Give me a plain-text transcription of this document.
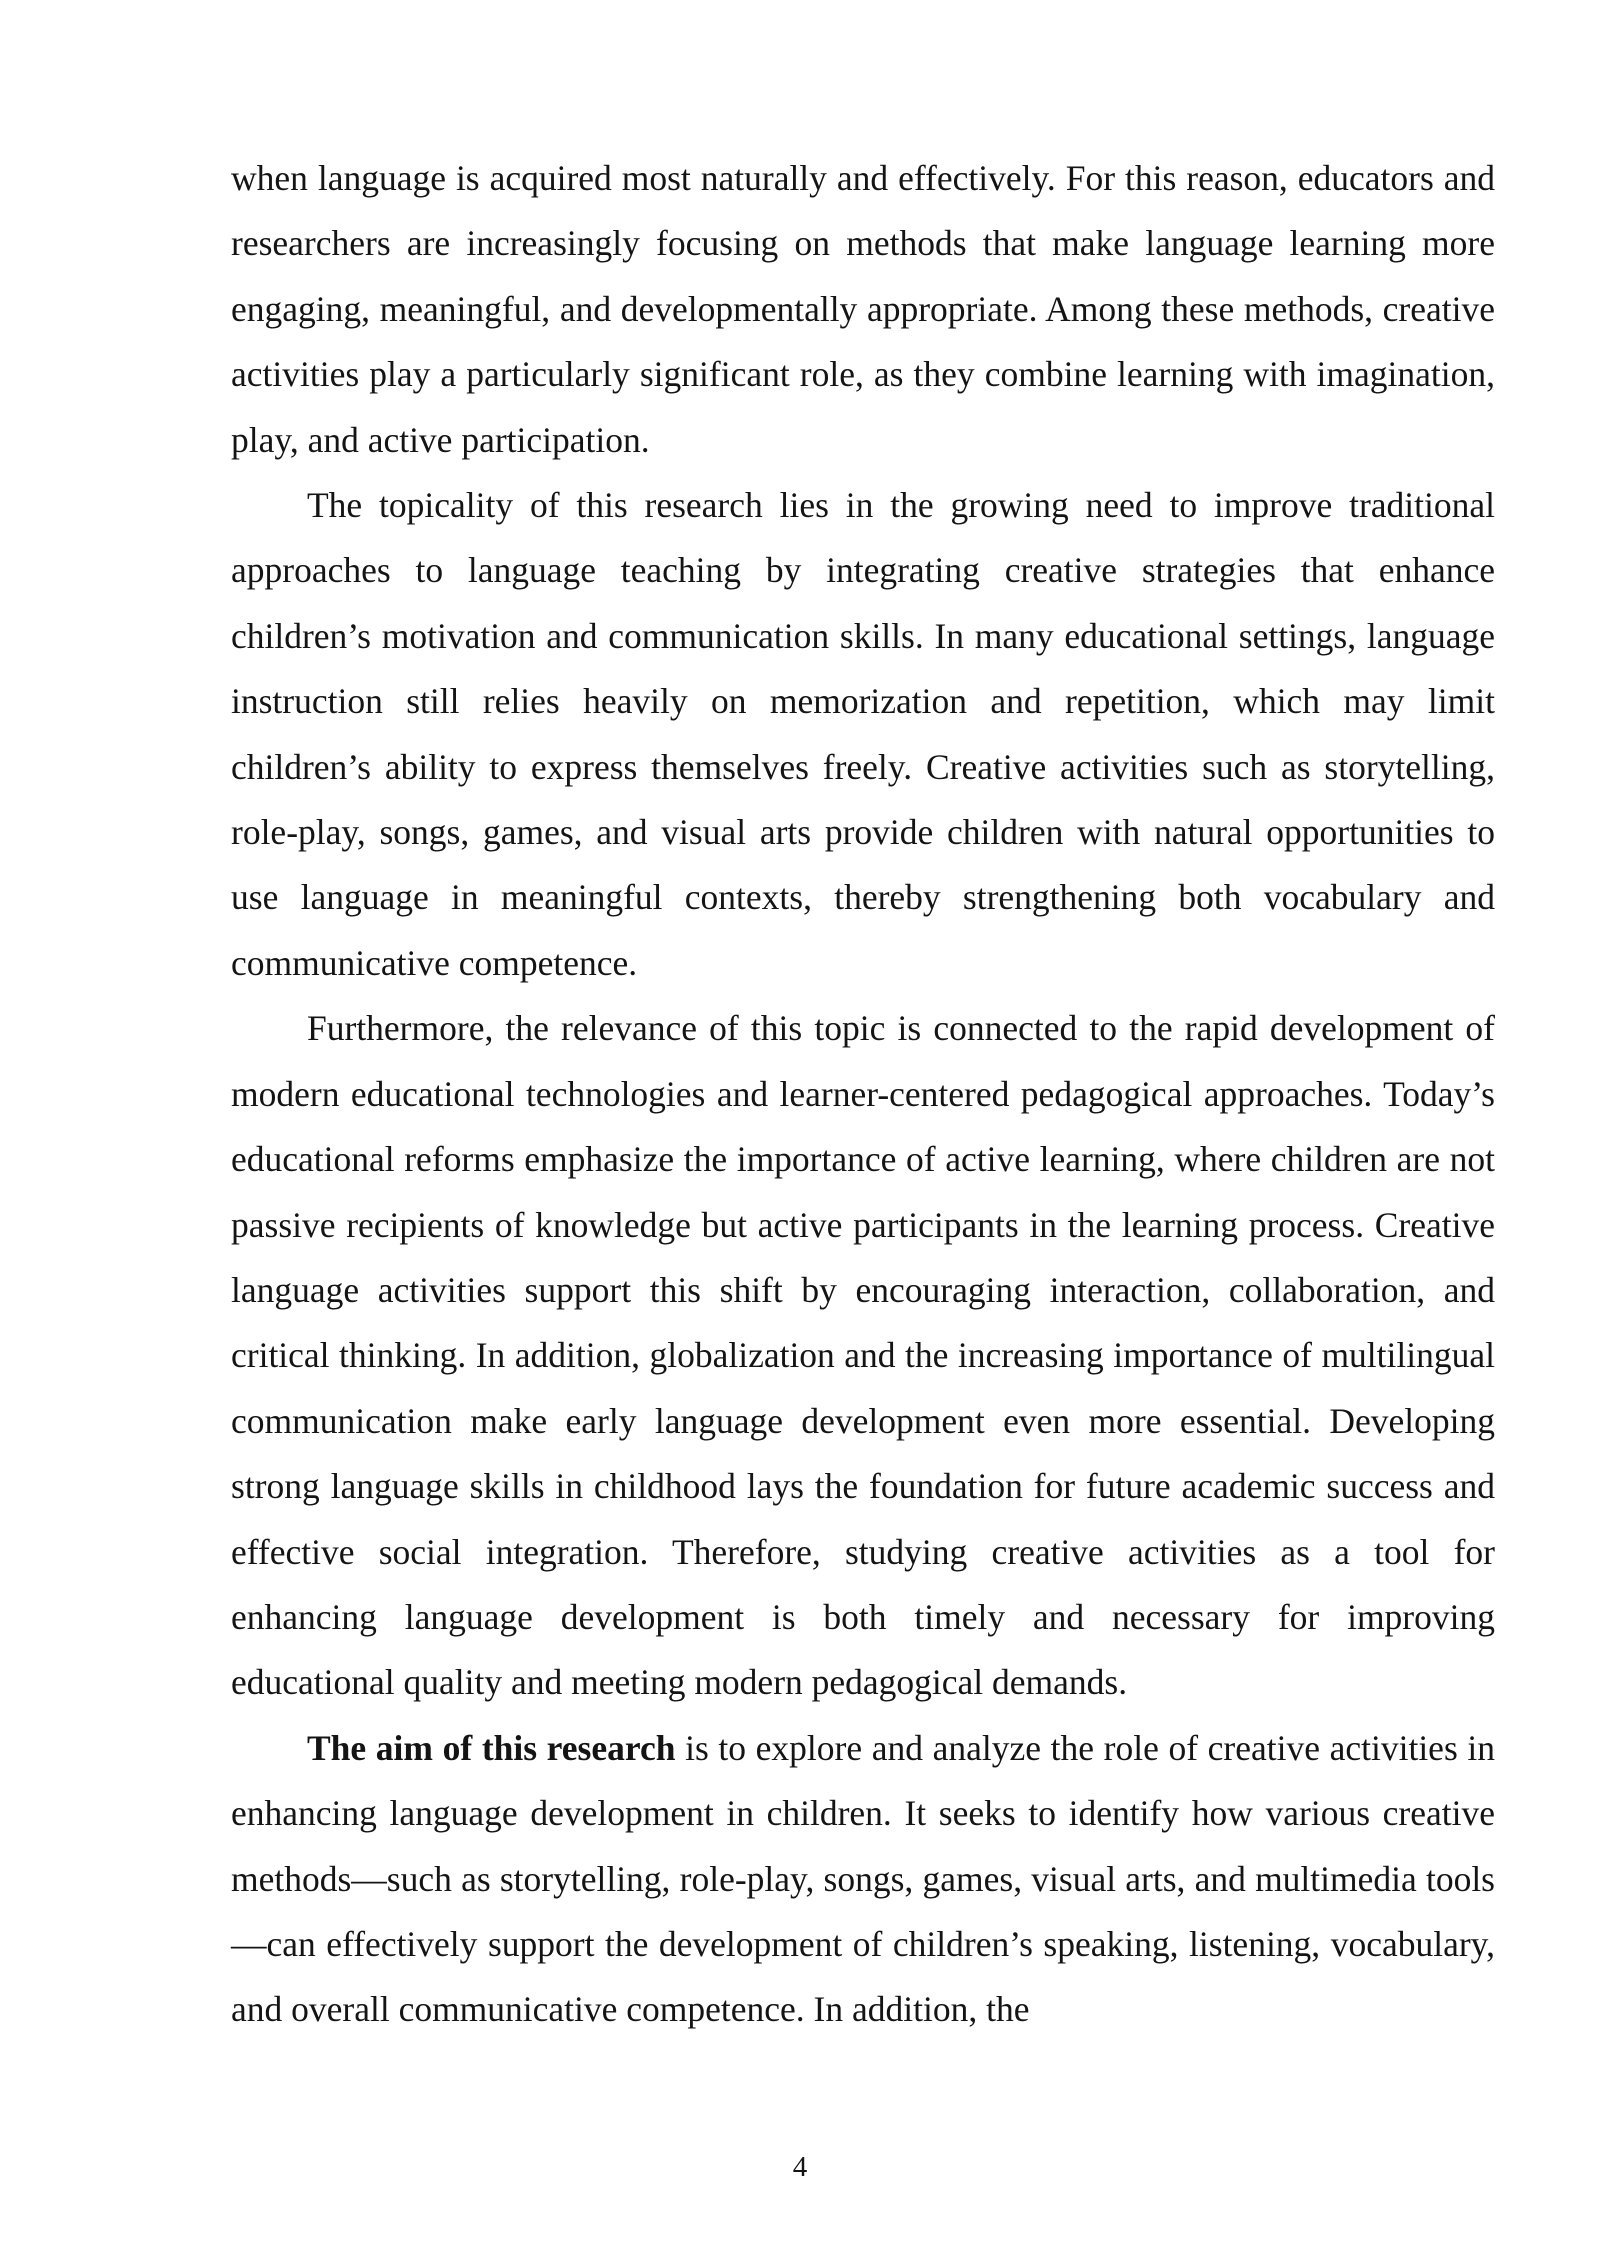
when language is acquired most naturally and effectively. For this reason, educators and researchers are increasingly focusing on methods that make language learning more engaging, meaningful, and developmentally appropriate. Among these methods, creative activities play a particularly significant role, as they combine learning with imagination, play, and active participation.

The topicality of this research lies in the growing need to improve traditional approaches to language teaching by integrating creative strategies that enhance children’s motivation and communication skills. In many educational settings, language instruction still relies heavily on memorization and repetition, which may limit children’s ability to express themselves freely. Creative activities such as storytelling, role-play, songs, games, and visual arts provide children with natural opportunities to use language in meaningful contexts, thereby strengthening both vocabulary and communicative competence.

Furthermore, the relevance of this topic is connected to the rapid development of modern educational technologies and learner-centered pedagogical approaches. Today’s educational reforms emphasize the importance of active learning, where children are not passive recipients of knowledge but active participants in the learning process. Creative language activities support this shift by encouraging interaction, collaboration, and critical thinking. In addition, globalization and the increasing importance of multilingual communication make early language development even more essential. Developing strong language skills in childhood lays the foundation for future academic success and effective social integration. Therefore, studying creative activities as a tool for enhancing language development is both timely and necessary for improving educational quality and meeting modern pedagogical demands.

The aim of this research is to explore and analyze the role of creative activities in enhancing language development in children. It seeks to identify how various creative methods—such as storytelling, role-play, songs, games, visual arts, and multimedia tools—can effectively support the development of children’s speaking, listening, vocabulary, and overall communicative competence. In addition, the

4
